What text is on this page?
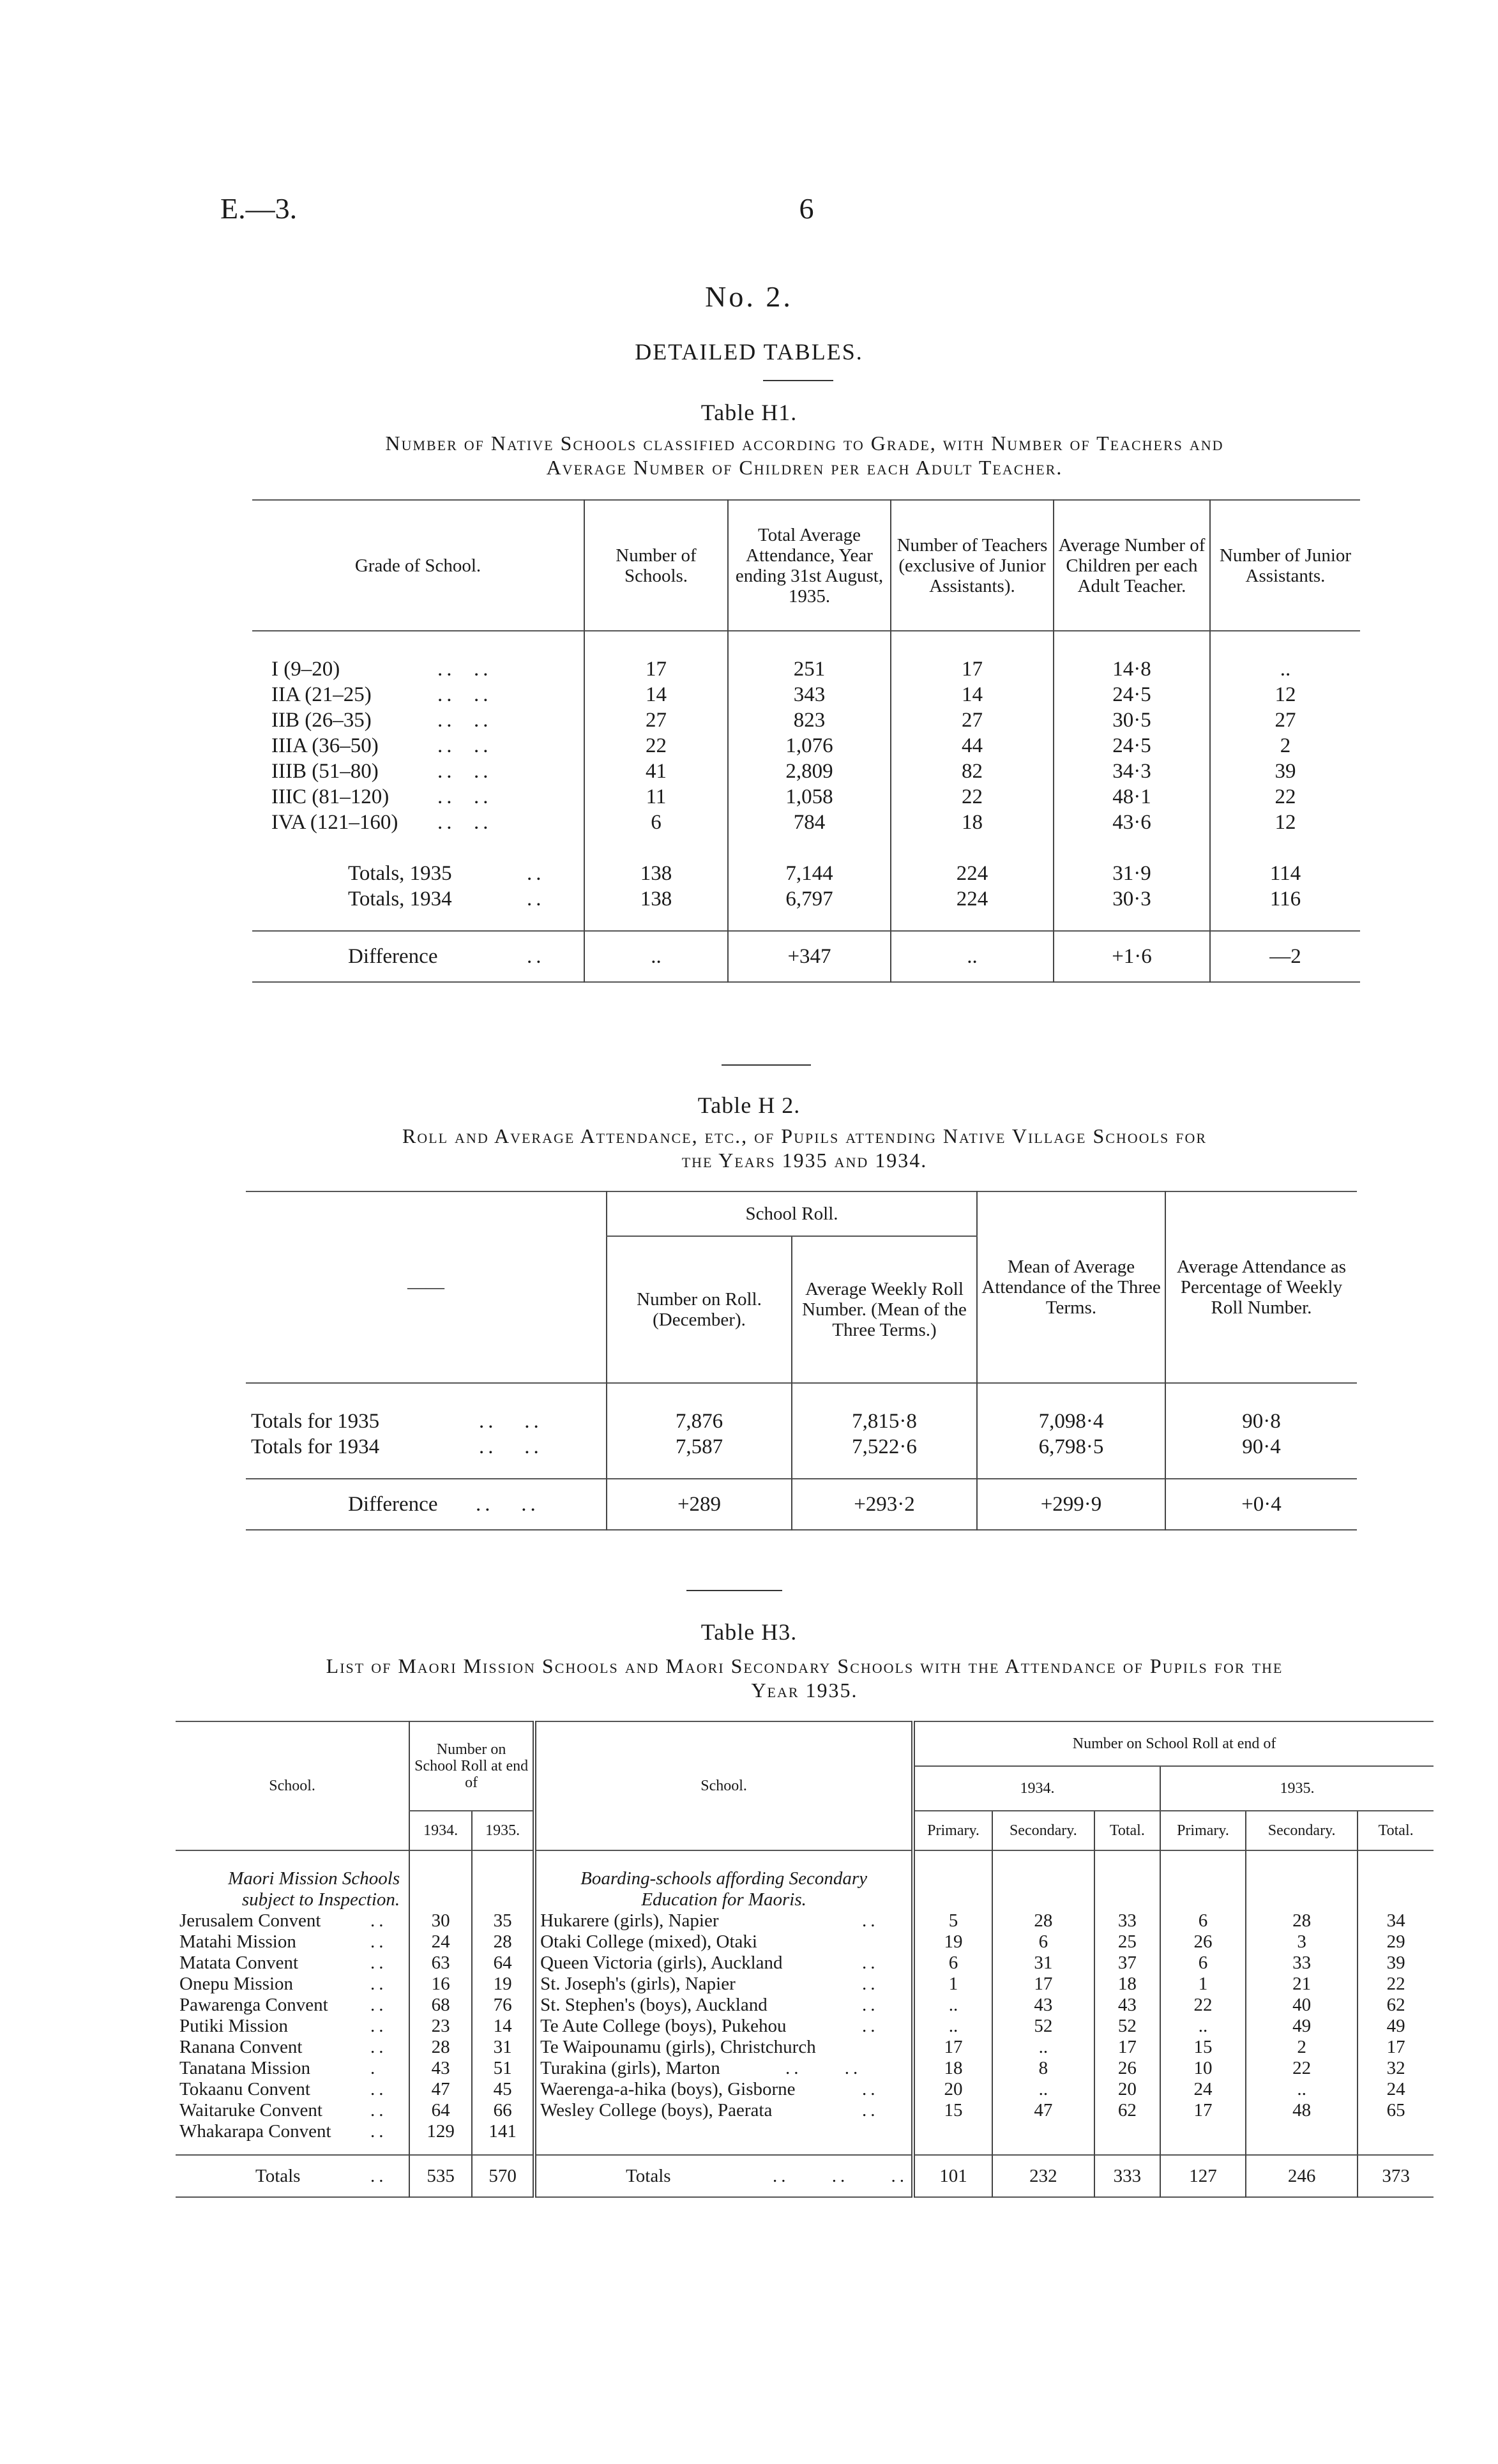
E.—3.	6
No. 2.
DETAILED TABLES.
Table H1.
Number of Native Schools classified according to Grade, with Number of Teachers and
Average Number of Children per each Adult Teacher.
Grade of School.	Number of Schools.	Total Average Attendance, Year ending 31st August, 1935.	Number of Teachers (exclusive of Junior Assistants).	Average Number of Children per each Adult Teacher.	Number of Junior Assistants.

I (9–20) ..  ..	17	251	17	14·8	..
IIA (21–25) ..  ..	14	343	14	24·5	12
IIB (26–35) ..  ..	27	823	27	30·5	27
IIIA (36–50) ..  ..	22	1,076	44	24·5	2
IIIB (51–80) ..  ..	41	2,809	82	34·3	39
IIIC (81–120) ..  ..	11	1,058	22	48·1	22
IVA (121–160) ..  ..	6	784	18	43·6	12

Totals, 1935 ..	138	7,144	224	31·9	114
Totals, 1934 ..	138	6,797	224	30·3	116

Difference ..	..	+347	..	+1·6	—2
Table H 2.
Roll and Average Attendance, etc., of Pupils attending Native Village Schools for
the Years 1935 and 1934.
——	School Roll.		Mean of Average Attendance of the Three Terms.	Average Attendance as Percentage of Weekly Roll Number.
	Number on Roll. (December).	Average Weekly Roll Number. (Mean of the Three Terms.)		

Totals for 1935 ..   ..	7,876	7,815·8	7,098·4	90·8
Totals for 1934 ..   ..	7,587	7,522·6	6,798·5	90·4

Difference ..   ..	+289	+293·2	+299·9	+0·4
Table H3.
List of Maori Mission Schools and Maori Secondary Schools with the Attendance of Pupils for the
Year 1935.
School.	Number on School Roll at end of		School.	Number on School Roll at end of					
				1934.			1935.		
	1934.	1935.		Primary.	Secondary.	Total.	Primary.	Secondary.	Total.

Maori Mission Schools			Boarding-schools affording Secondary						
subject to Inspection.			Education for Maoris.						
Jerusalem Convent ..	30	35	Hukarere (girls), Napier ..	5	28	33	6	28	34
Matahi Mission ..	24	28	Otaki College (mixed), Otaki	19	6	25	26	3	29
Matata Convent ..	63	64	Queen Victoria (girls), Auckland ..	6	31	37	6	33	39
Onepu Mission ..	16	19	St. Joseph's (girls), Napier ..	1	17	18	1	21	22
Pawarenga Convent ..	68	76	St. Stephen's (boys), Auckland ..	..	43	43	22	40	62
Putiki Mission ..	23	14	Te Aute College (boys), Pukehou ..	..	52	52	..	49	49
Ranana Convent ..	28	31	Te Waipounamu (girls), Christchurch	17	..	17	15	2	17
Tanatana Mission .	43	51	Turakina (girls), Marton ..     ..	18	8	26	10	22	32
Tokaanu Convent ..	47	45	Waerenga-a-hika (boys), Gisborne ..	20	..	20	24	..	24
Waitaruke Convent ..	64	66	Wesley College (boys), Paerata ..	15	47	62	17	48	65
Whakarapa Convent ..	129	141							

Totals ..	535	570	Totals ..     ..     ..	101	232	333	127	246	373
